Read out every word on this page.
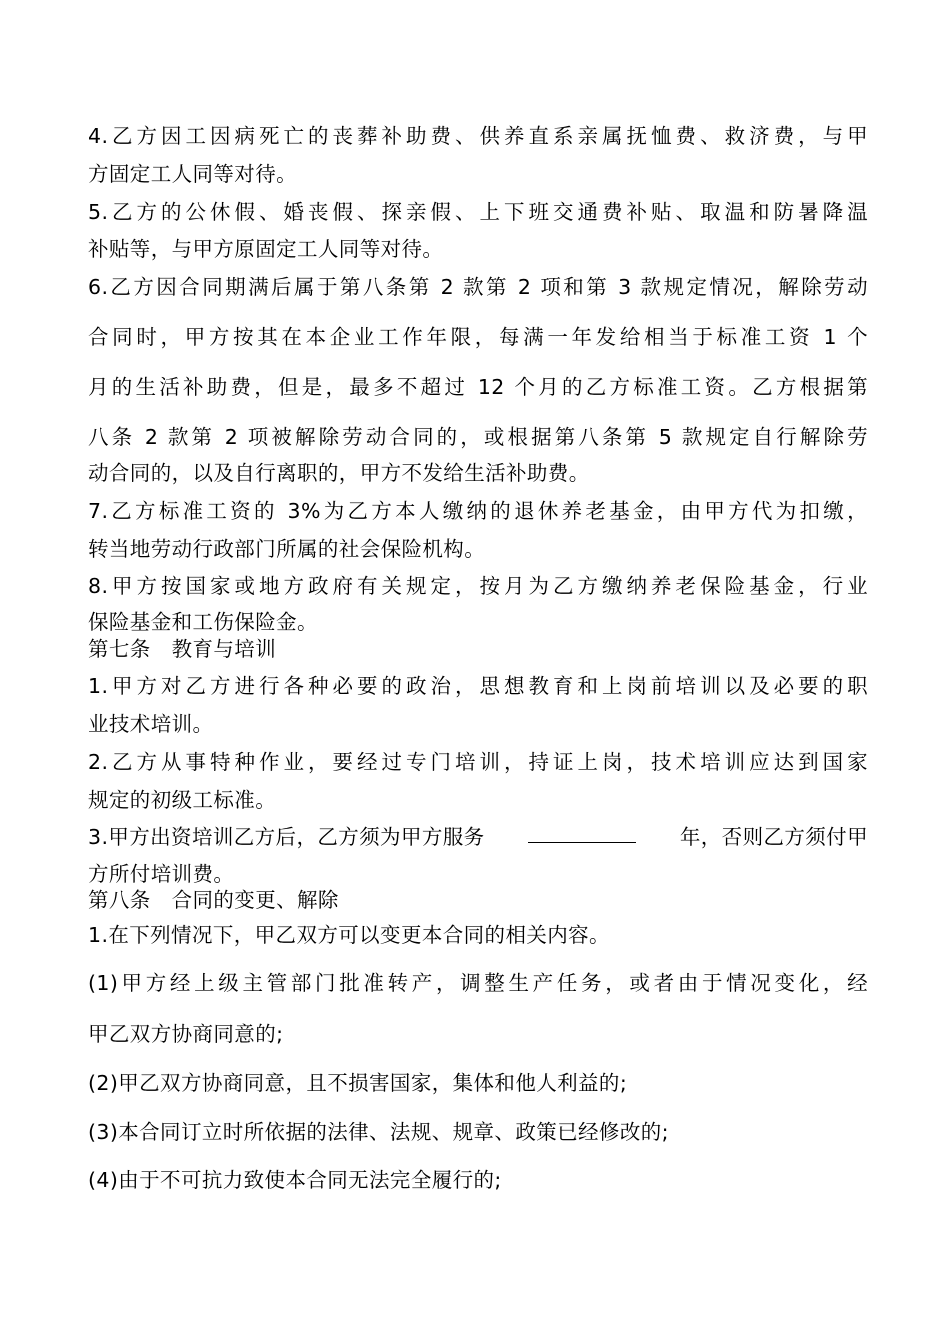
4.乙方因工因病死亡的丧葬补助费、供养直系亲属抚恤费、救济费，与甲
方固定工人同等对待。
5.乙方的公休假、婚丧假、探亲假、上下班交通费补贴、取温和防暑降温
补贴等，与甲方原固定工人同等对待。
6.乙方因合同期满后属于第八条第 2 款第 2 项和第 3 款规定情况，解除劳动
合同时，甲方按其在本企业工作年限，每满一年发给相当于标准工资 1 个
月的生活补助费，但是，最多不超过 12 个月的乙方标准工资。乙方根据第
八条 2 款第 2 项被解除劳动合同的，或根据第八条第 5 款规定自行解除劳
动合同的，以及自行离职的，甲方不发给生活补助费。
7.乙方标准工资的 3%为乙方本人缴纳的退休养老基金，由甲方代为扣缴，
转当地劳动行政部门所属的社会保险机构。
8.甲方按国家或地方政府有关规定，按月为乙方缴纳养老保险基金，行业
保险基金和工伤保险金。
第七条　教育与培训
1.甲方对乙方进行各种必要的政治，思想教育和上岗前培训以及必要的职
业技术培训。
2.乙方从事特种作业，要经过专门培训，持证上岗，技术培训应达到国家
规定的初级工标准。
3.甲方出资培训乙方后，乙方须为甲方服务	年，否则乙方须付甲
方所付培训费。
第八条　合同的变更、解除
1.在下列情况下，甲乙双方可以变更本合同的相关内容。
(1)甲方经上级主管部门批准转产，调整生产任务，或者由于情况变化，经
甲乙双方协商同意的;
(2)甲乙双方协商同意，且不损害国家，集体和他人利益的;
(3)本合同订立时所依据的法律、法规、规章、政策已经修改的;
(4)由于不可抗力致使本合同无法完全履行的;
